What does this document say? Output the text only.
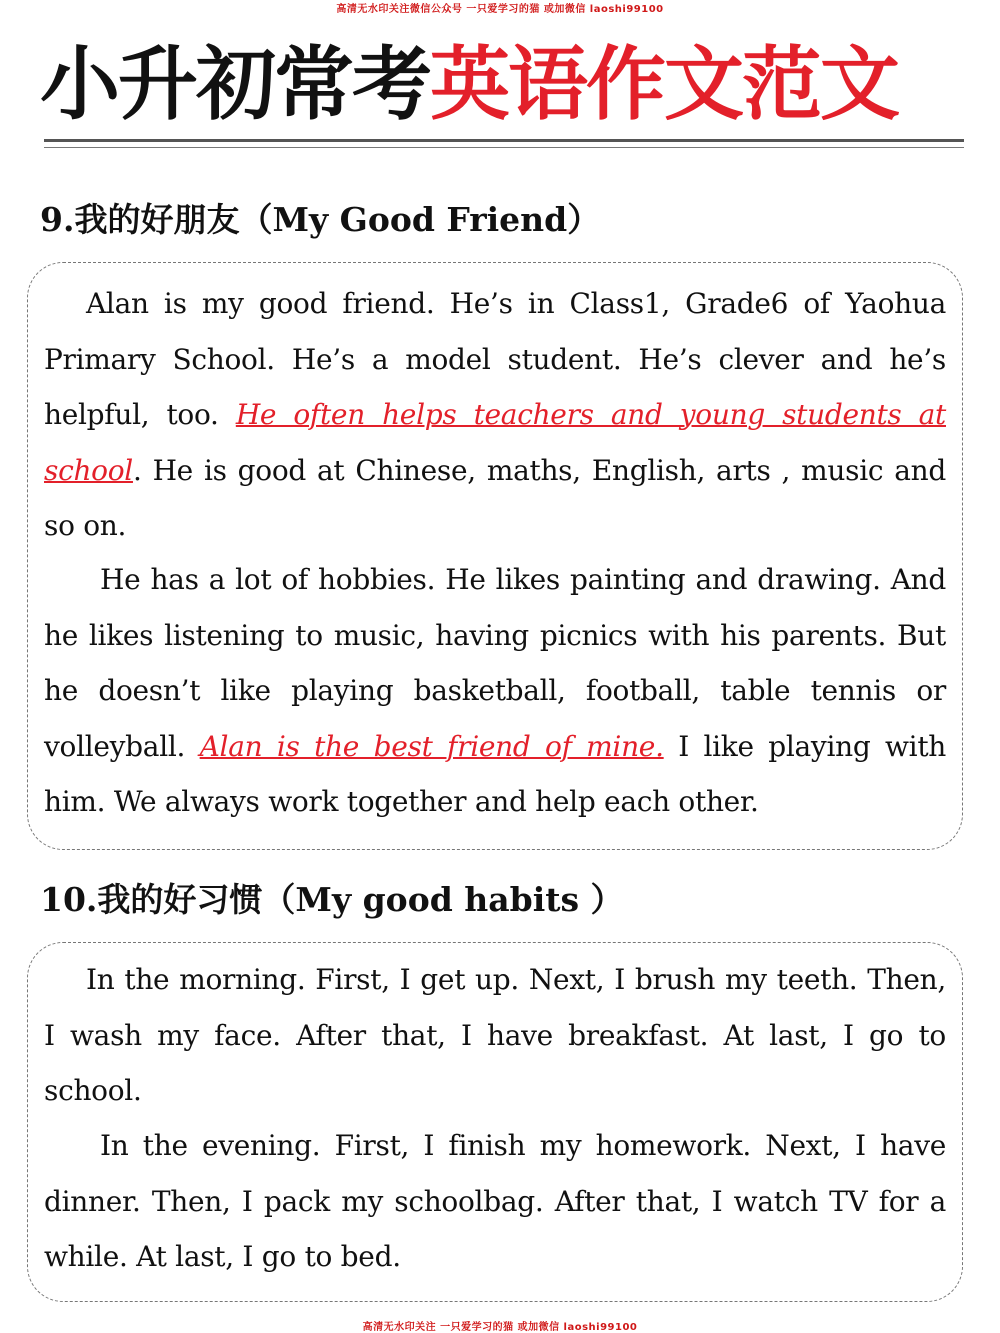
高清无水印关注微信公众号 一只爱学习的猫 或加微信 laoshi99100
小升初常考英语作文范文
9.我的好朋友（My Good Friend）
Alan is my good friend. He’s in Class1, Grade6 of Yaohua Primary School. He’s a model student. He’s clever and he’s helpful, too. He often helps teachers and young students at school. He is good at Chinese, maths, English, arts , music and so on.
He has a lot of hobbies. He likes painting and drawing. And he likes listening to music, having picnics with his parents. But he doesn’t like playing basketball, football, table tennis or volleyball. Alan is the best friend of mine. I like playing with him. We always work together and help each other.
10.我的好习惯（My good habits ）
In the morning. First, I get up. Next, I brush my teeth. Then, I wash my face. After that, I have breakfast. At last, I go to school.
In the evening. First, I finish my homework. Next, I have dinner. Then, I pack my schoolbag. After that, I watch TV for a while. At last, I go to bed.
高清无水印关注 一只爱学习的猫 或加微信 laoshi99100
